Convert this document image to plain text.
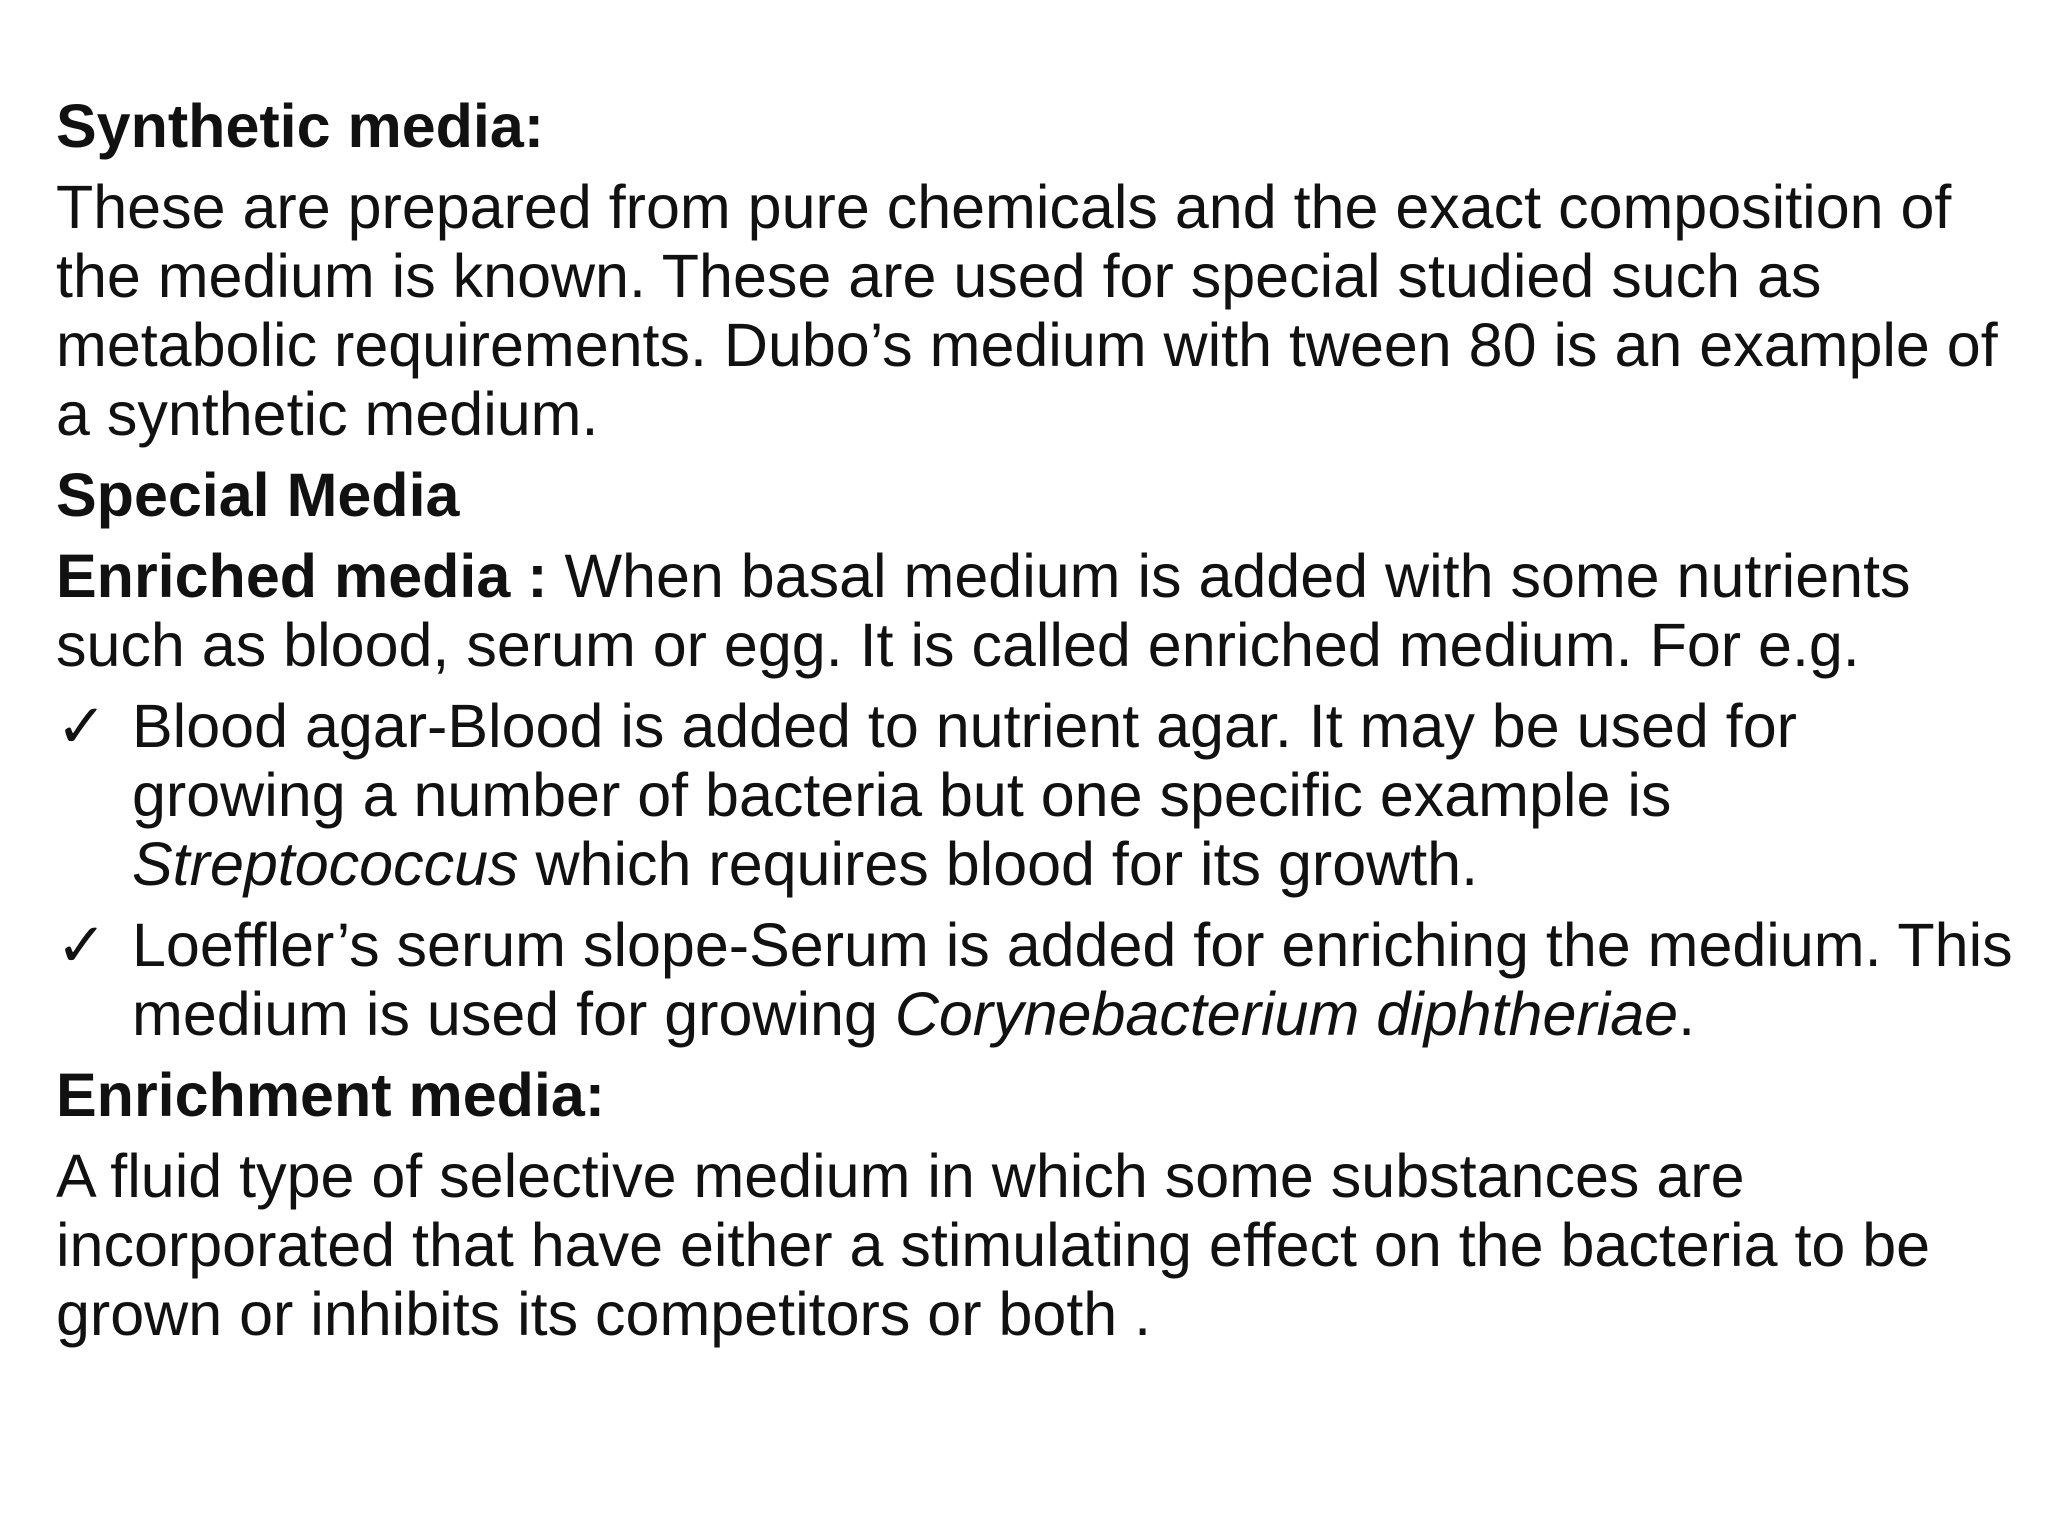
Synthetic media:

These are prepared from pure chemicals and the exact composition of the medium is known. These are used for special studied such as metabolic requirements. Dubo’s medium with tween 80 is an example of a synthetic medium.

Special Media

Enriched media : When basal medium is added with some nutrients such as blood, serum or egg. It is called enriched medium. For e.g.

✓ Blood agar-Blood is added to nutrient agar. It may be used for growing a number of bacteria but one specific example is Streptococcus which requires blood for its growth.
✓ Loeffler’s serum slope-Serum is added for enriching the medium. This medium is used for growing Corynebacterium diphtheriae.

Enrichment media:

A fluid type of selective medium in which some substances are incorporated that have either a stimulating effect on the bacteria to be grown or inhibits its competitors or both .
